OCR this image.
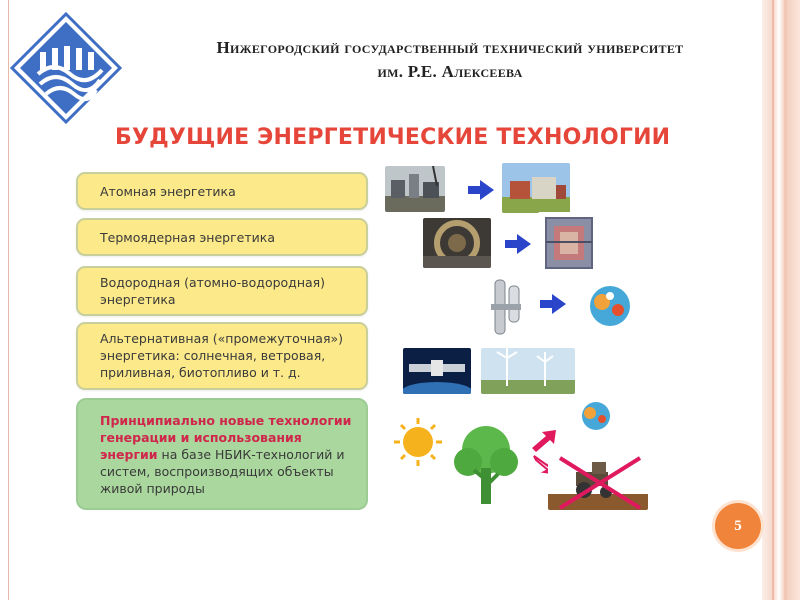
Нижегородский государственный технический университет
им. Р.Е. Алексеева
БУДУЩИЕ ЭНЕРГЕТИЧЕСКИЕ ТЕХНОЛОГИИ
Атомная энергетика
Термоядерная энергетика
Водородная (атомно-водородная) энергетика
Альтернативная («промежуточная») энергетика: солнечная, ветровая, приливная, биотопливо и т. д.
Принципиально новые технологии генерации и использования энергии на базе НБИК-технологий и систем, воспроизводящих объекты живой природы
5
